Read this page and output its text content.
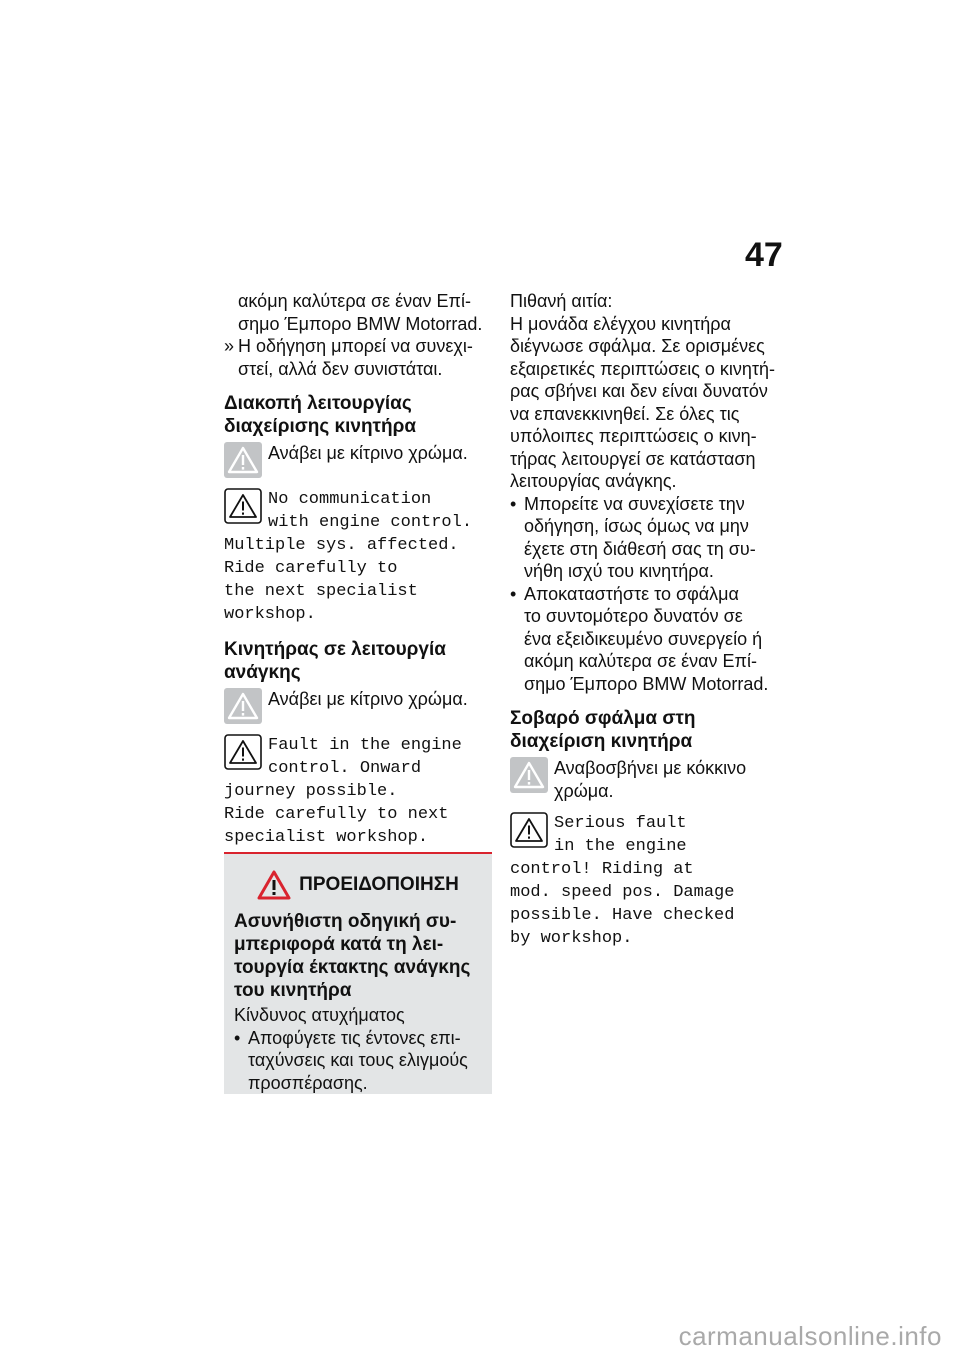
47

ακόμη καλύτερα σε έναν Επί-

σημο Έμπορο BMW Motorrad.

» Η οδήγηση μπορεί να συνεχι-
στεί, αλλά δεν συνιστάται.
Διακοπή λειτουργίας
διαχείρισης κινητήρα
Ανάβει με κίτρινο χρώμα.

No communication

with engine control.

Multiple sys. affected.

Ride carefully to

the next specialist

workshop.

Κινητήρας σε λειτουργία
ανάγκης
Ανάβει με κίτρινο χρώμα.

Fault in the engine

control. Onward

journey possible.

Ride carefully to next

specialist workshop.

ΠΡΟΕΙΔΟΠΟΙΗΣΗ
Ασυνήθιστη οδηγική συ-
μπεριφορά κατά τη λει-
τουργία έκτακτης ανάγκης
του κινητήρα

Κίνδυνος ατυχήματος

• Αποφύγετε τις έντονες επι-
ταχύνσεις και τους ελιγμούς
προσπέρασης.

Πιθανή αιτία:

Η μονάδα ελέγχου κινητήρα

διέγνωσε σφάλμα. Σε ορισμένες

εξαιρετικές περιπτώσεις ο κινητή-

ρας σβήνει και δεν είναι δυνατόν

να επανεκκινηθεί. Σε όλες τις

υπόλοιπες περιπτώσεις ο κινη-

τήρας λειτουργεί σε κατάσταση

λειτουργίας ανάγκης.

• Μπορείτε να συνεχίσετε την
οδήγηση, ίσως όμως να μην
έχετε στη διάθεσή σας τη συ-
νήθη ισχύ του κινητήρα.
• Αποκαταστήστε το σφάλμα
το συντομότερο δυνατόν σε
ένα εξειδικευμένο συνεργείο ή
ακόμη καλύτερα σε έναν Επί-
σημο Έμπορο BMW Motorrad.
Σοβαρό σφάλμα στη
διαχείριση κινητήρα

Αναβοσβήνει με κόκκινο

χρώμα.

Serious fault

in the engine

control! Riding at

mod. speed pos. Damage

possible. Have checked

by workshop.

carmanualsonline.info
